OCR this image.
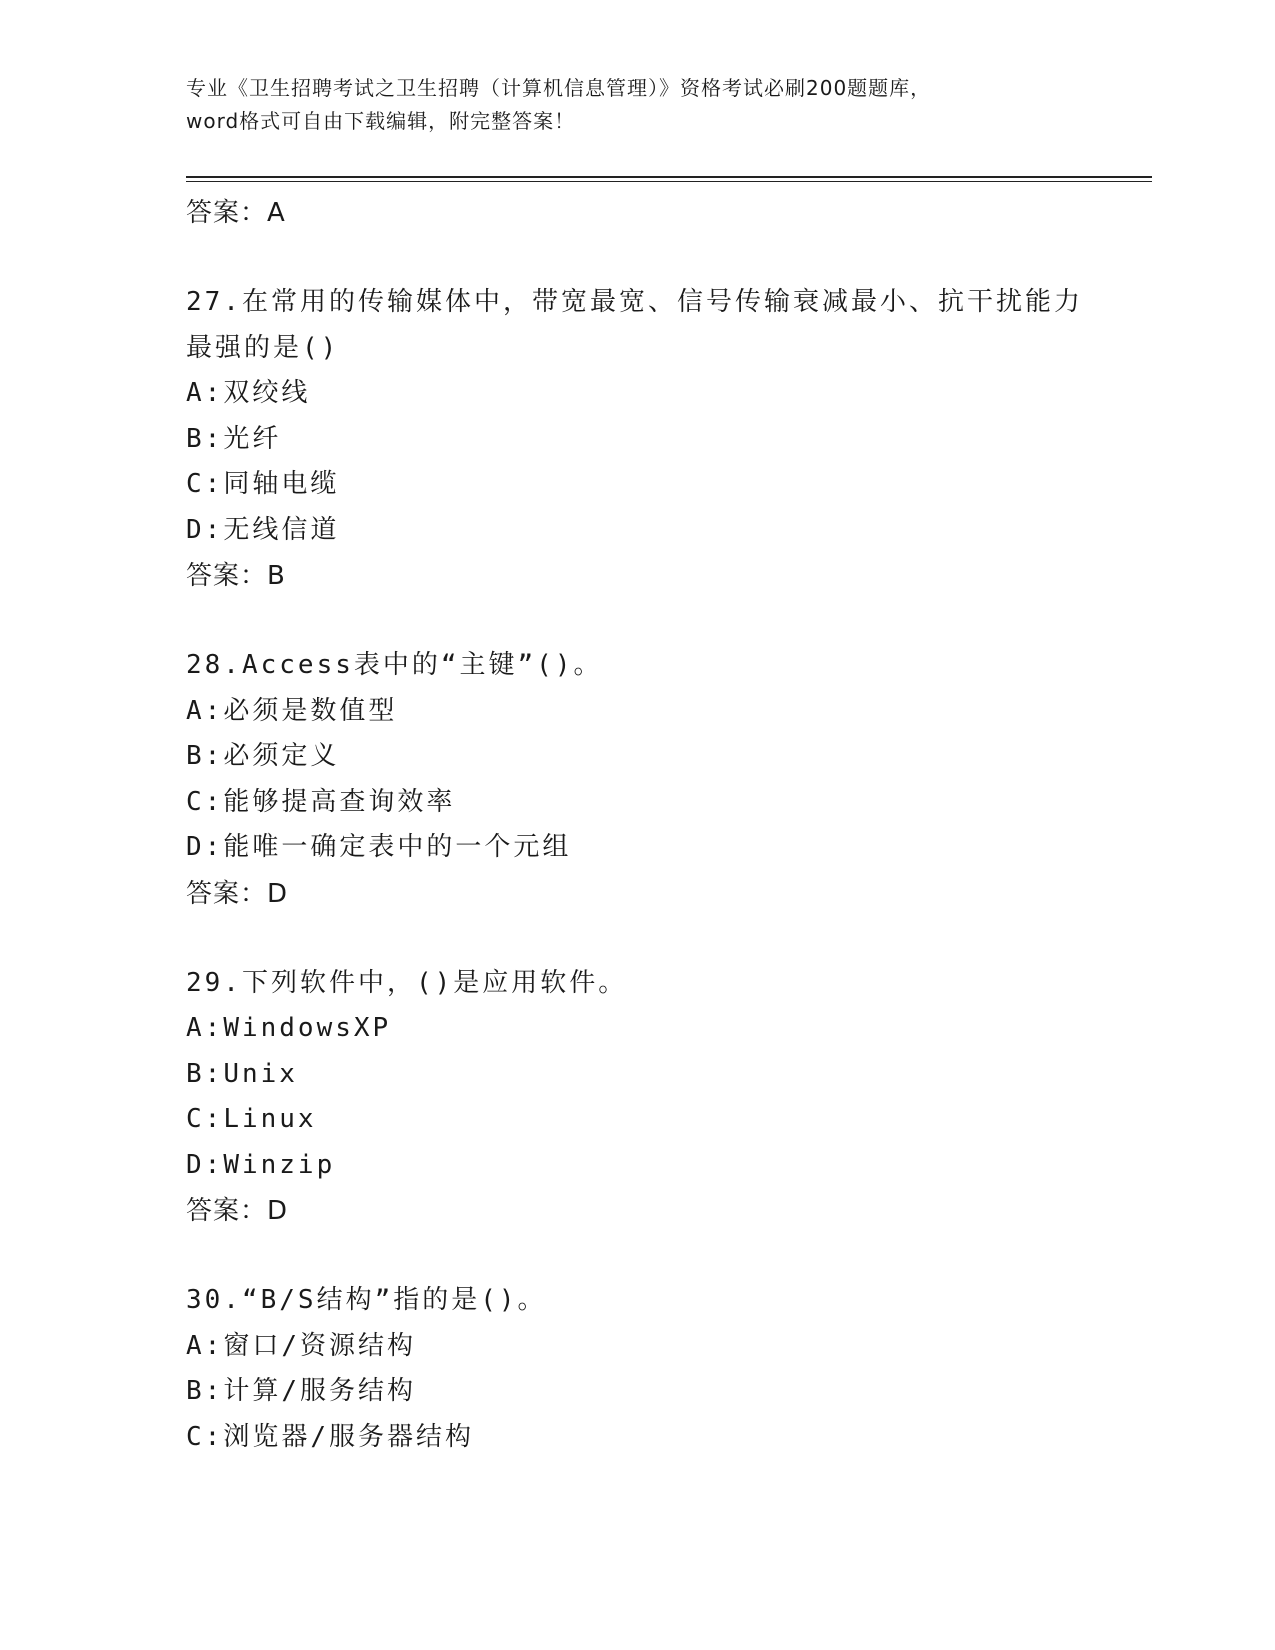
专业《卫生招聘考试之卫生招聘（计算机信息管理）》资格考试必刷200题题库，
word格式可自由下载编辑，附完整答案！
答案：A
27.在常用的传输媒体中，带宽最宽、信号传输衰减最小、抗干扰能力
最强的是()
A:双绞线
B:光纤
C:同轴电缆
D:无线信道
答案：B
28.Access表中的“主键”()。
A:必须是数值型
B:必须定义
C:能够提高查询效率
D:能唯一确定表中的一个元组
答案：D
29.下列软件中，()是应用软件。
A:WindowsXP
B:Unix
C:Linux
D:Winzip
答案：D
30.“B/S结构”指的是()。
A:窗口/资源结构
B:计算/服务结构
C:浏览器/服务器结构
